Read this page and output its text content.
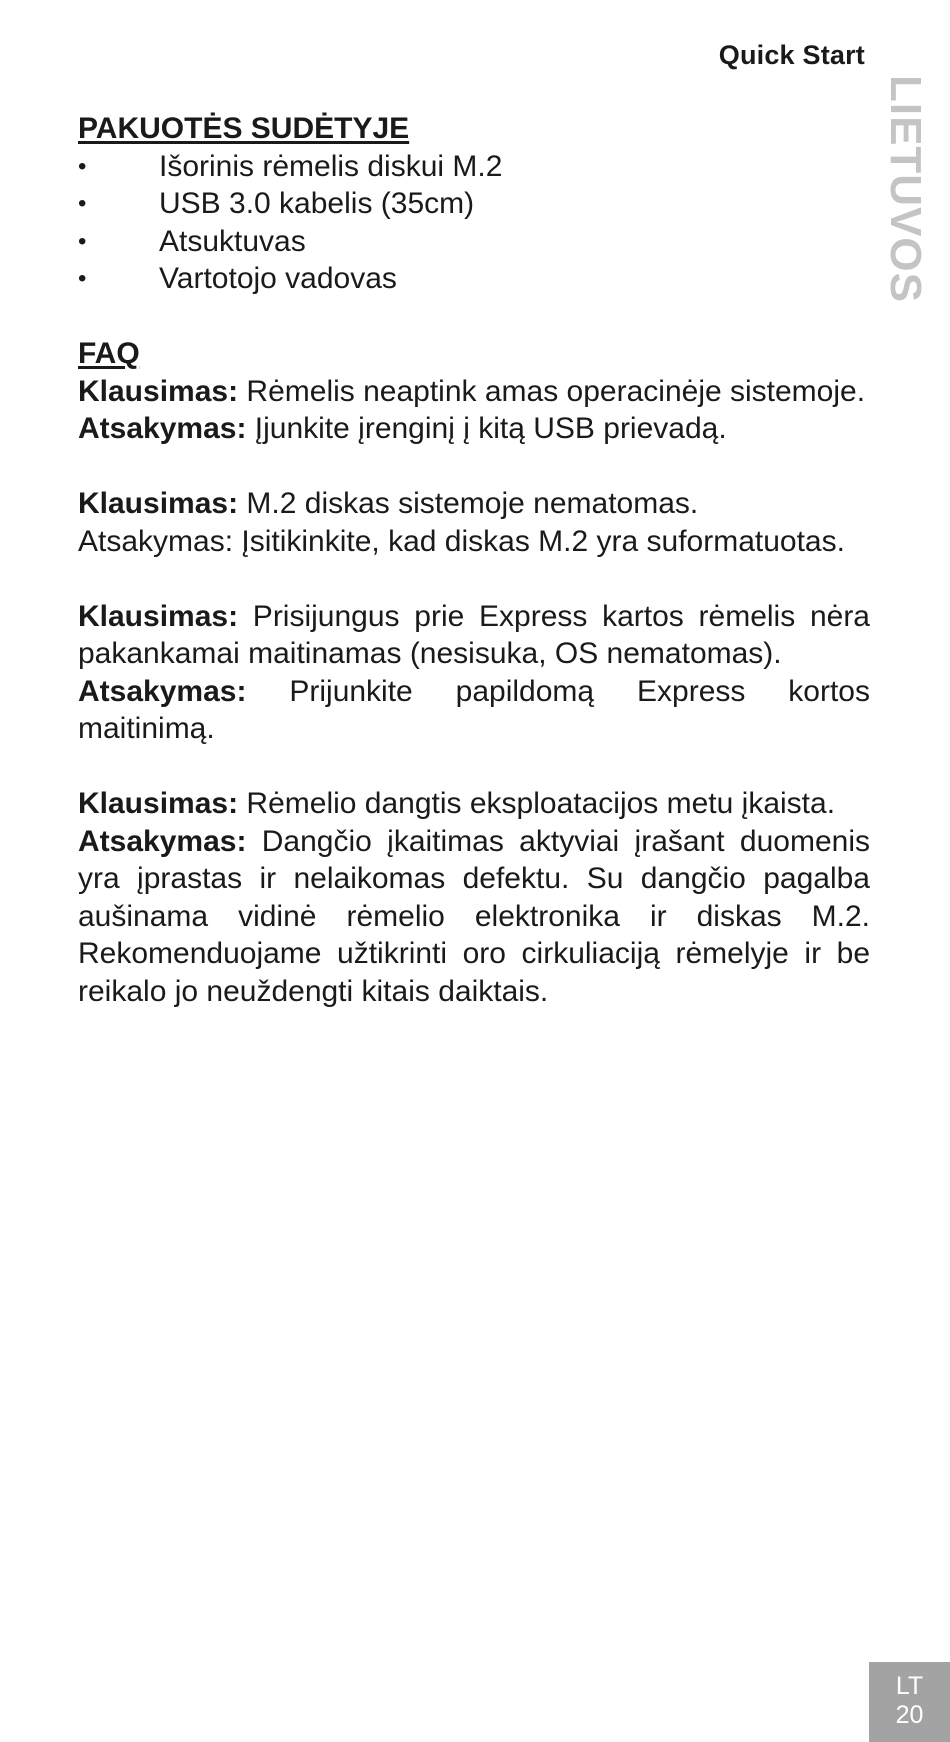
Quick Start
LIETUVOS
PAKUOTĖS SUDĖTYJE
• Išorinis rėmelis diskui M.2
• USB 3.0 kabelis (35cm)
• Atsuktuvas
• Vartotojo vadovas
FAQ
Klausimas: Rėmelis neaptink amas operacinėje sistemoje.
Atsakymas: Įjunkite įrenginį į kitą USB prievadą.
Klausimas: M.2 diskas sistemoje nematomas.
Atsakymas: Įsitikinkite, kad diskas M.2 yra suformatuotas.
Klausimas: Prisijungus prie Express kartos rėmelis nėra pakankamai maitinamas (nesisuka, OS nematomas).
Atsakymas: Prijunkite papildomą Express kortos maitinimą.
Klausimas: Rėmelio dangtis eksploatacijos metu įkaista.
Atsakymas: Dangčio įkaitimas aktyviai įrašant duomenis yra įprastas ir nelaikomas defektu. Su dangčio pagalba aušinama vidinė rėmelio elektronika ir diskas M.2. Rekomenduojame užtikrinti oro cirkuliaciją rėmelyje ir be reikalo jo neuždengti kitais daiktais.
LT
20
